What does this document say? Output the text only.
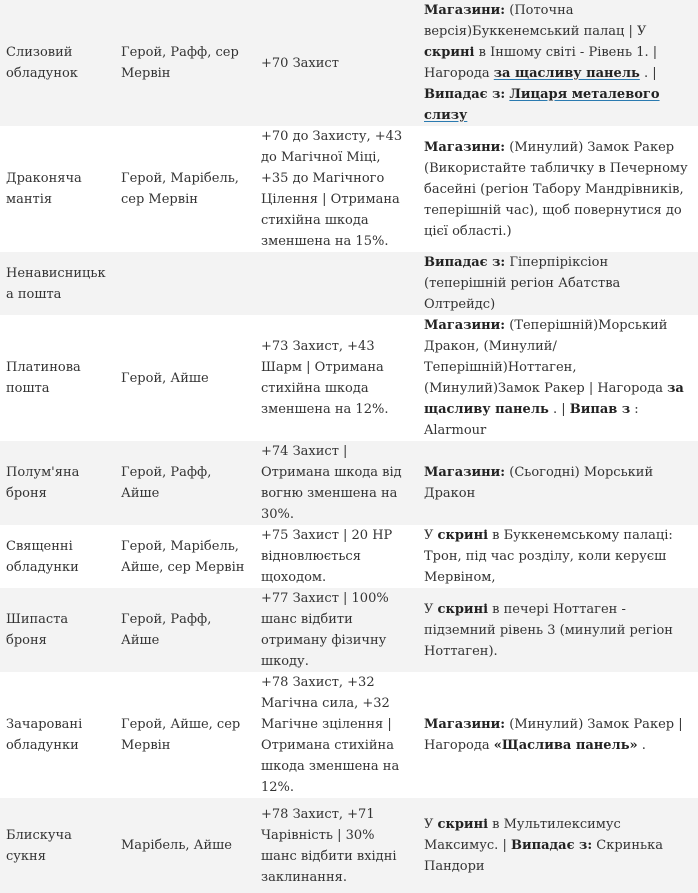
Слизовий обладунок	Герой, Рафф, сер Мервін	+70 Захист	Магазини: (Поточна версія)Буккенемський палац | У скрині в Іншому світі - Рівень 1. | Нагорода за щасливу панель . | Випадає з: Лицаря металевого слизу
Драконяча мантія	Герой, Марібель, сер Мервін	+70 до Захисту, +43 до Магічної Міці, +35 до Магічного Цілення | Отримана стихійна шкода зменшена на 15%.	Магазини: (Минулий) Замок Ракер (Використайте табличку в Печерному басейні (регіон Табору Мандрівників, теперішній час), щоб повернутися до цієї області.)
Ненависницька пошта			Випадає з: Гіперпіріксіон (теперішній регіон Абатства Олтрейдс)
Платинова пошта	Герой, Айше	+73 Захист, +43 Шарм | Отримана стихійна шкода зменшена на 12%.	Магазини: (Теперішній)Морський Дракон, (Минулий/Теперішній)Ноттаген, (Минулий)Замок Ракер | Нагорода за щасливу панель . | Випав з : Alarmour
Полум'яна броня	Герой, Рафф, Айше	+74 Захист | Отримана шкода від вогню зменшена на 30%.	Магазини: (Сьогодні) Морський Дракон
Священні обладунки	Герой, Марібель, Айше, сер Мервін	+75 Захист | 20 HP відновлюється щоходом.	У скрині в Буккенемському палаці: Трон, під час розділу, коли керуєш Мервіном,
Шипаста броня	Герой, Рафф, Айше	+77 Захист | 100% шанс відбити отриману фізичну шкоду.	У скрині в печері Ноттаген - підземний рівень 3 (минулий регіон Ноттаген).
Зачаровані обладунки	Герой, Айше, сер Мервін	+78 Захист, +32 Магічна сила, +32 Магічне зцілення | Отримана стихійна шкода зменшена на 12%.	Магазини: (Минулий) Замок Ракер | Нагорода «Щаслива панель» .
Блискуча сукня	Марібель, Айше	+78 Захист, +71 Чарівність | 30% шанс відбити вхідні заклинання.	У скрині в Мультилексимус Максимус. | Випадає з: Скринька Пандори
